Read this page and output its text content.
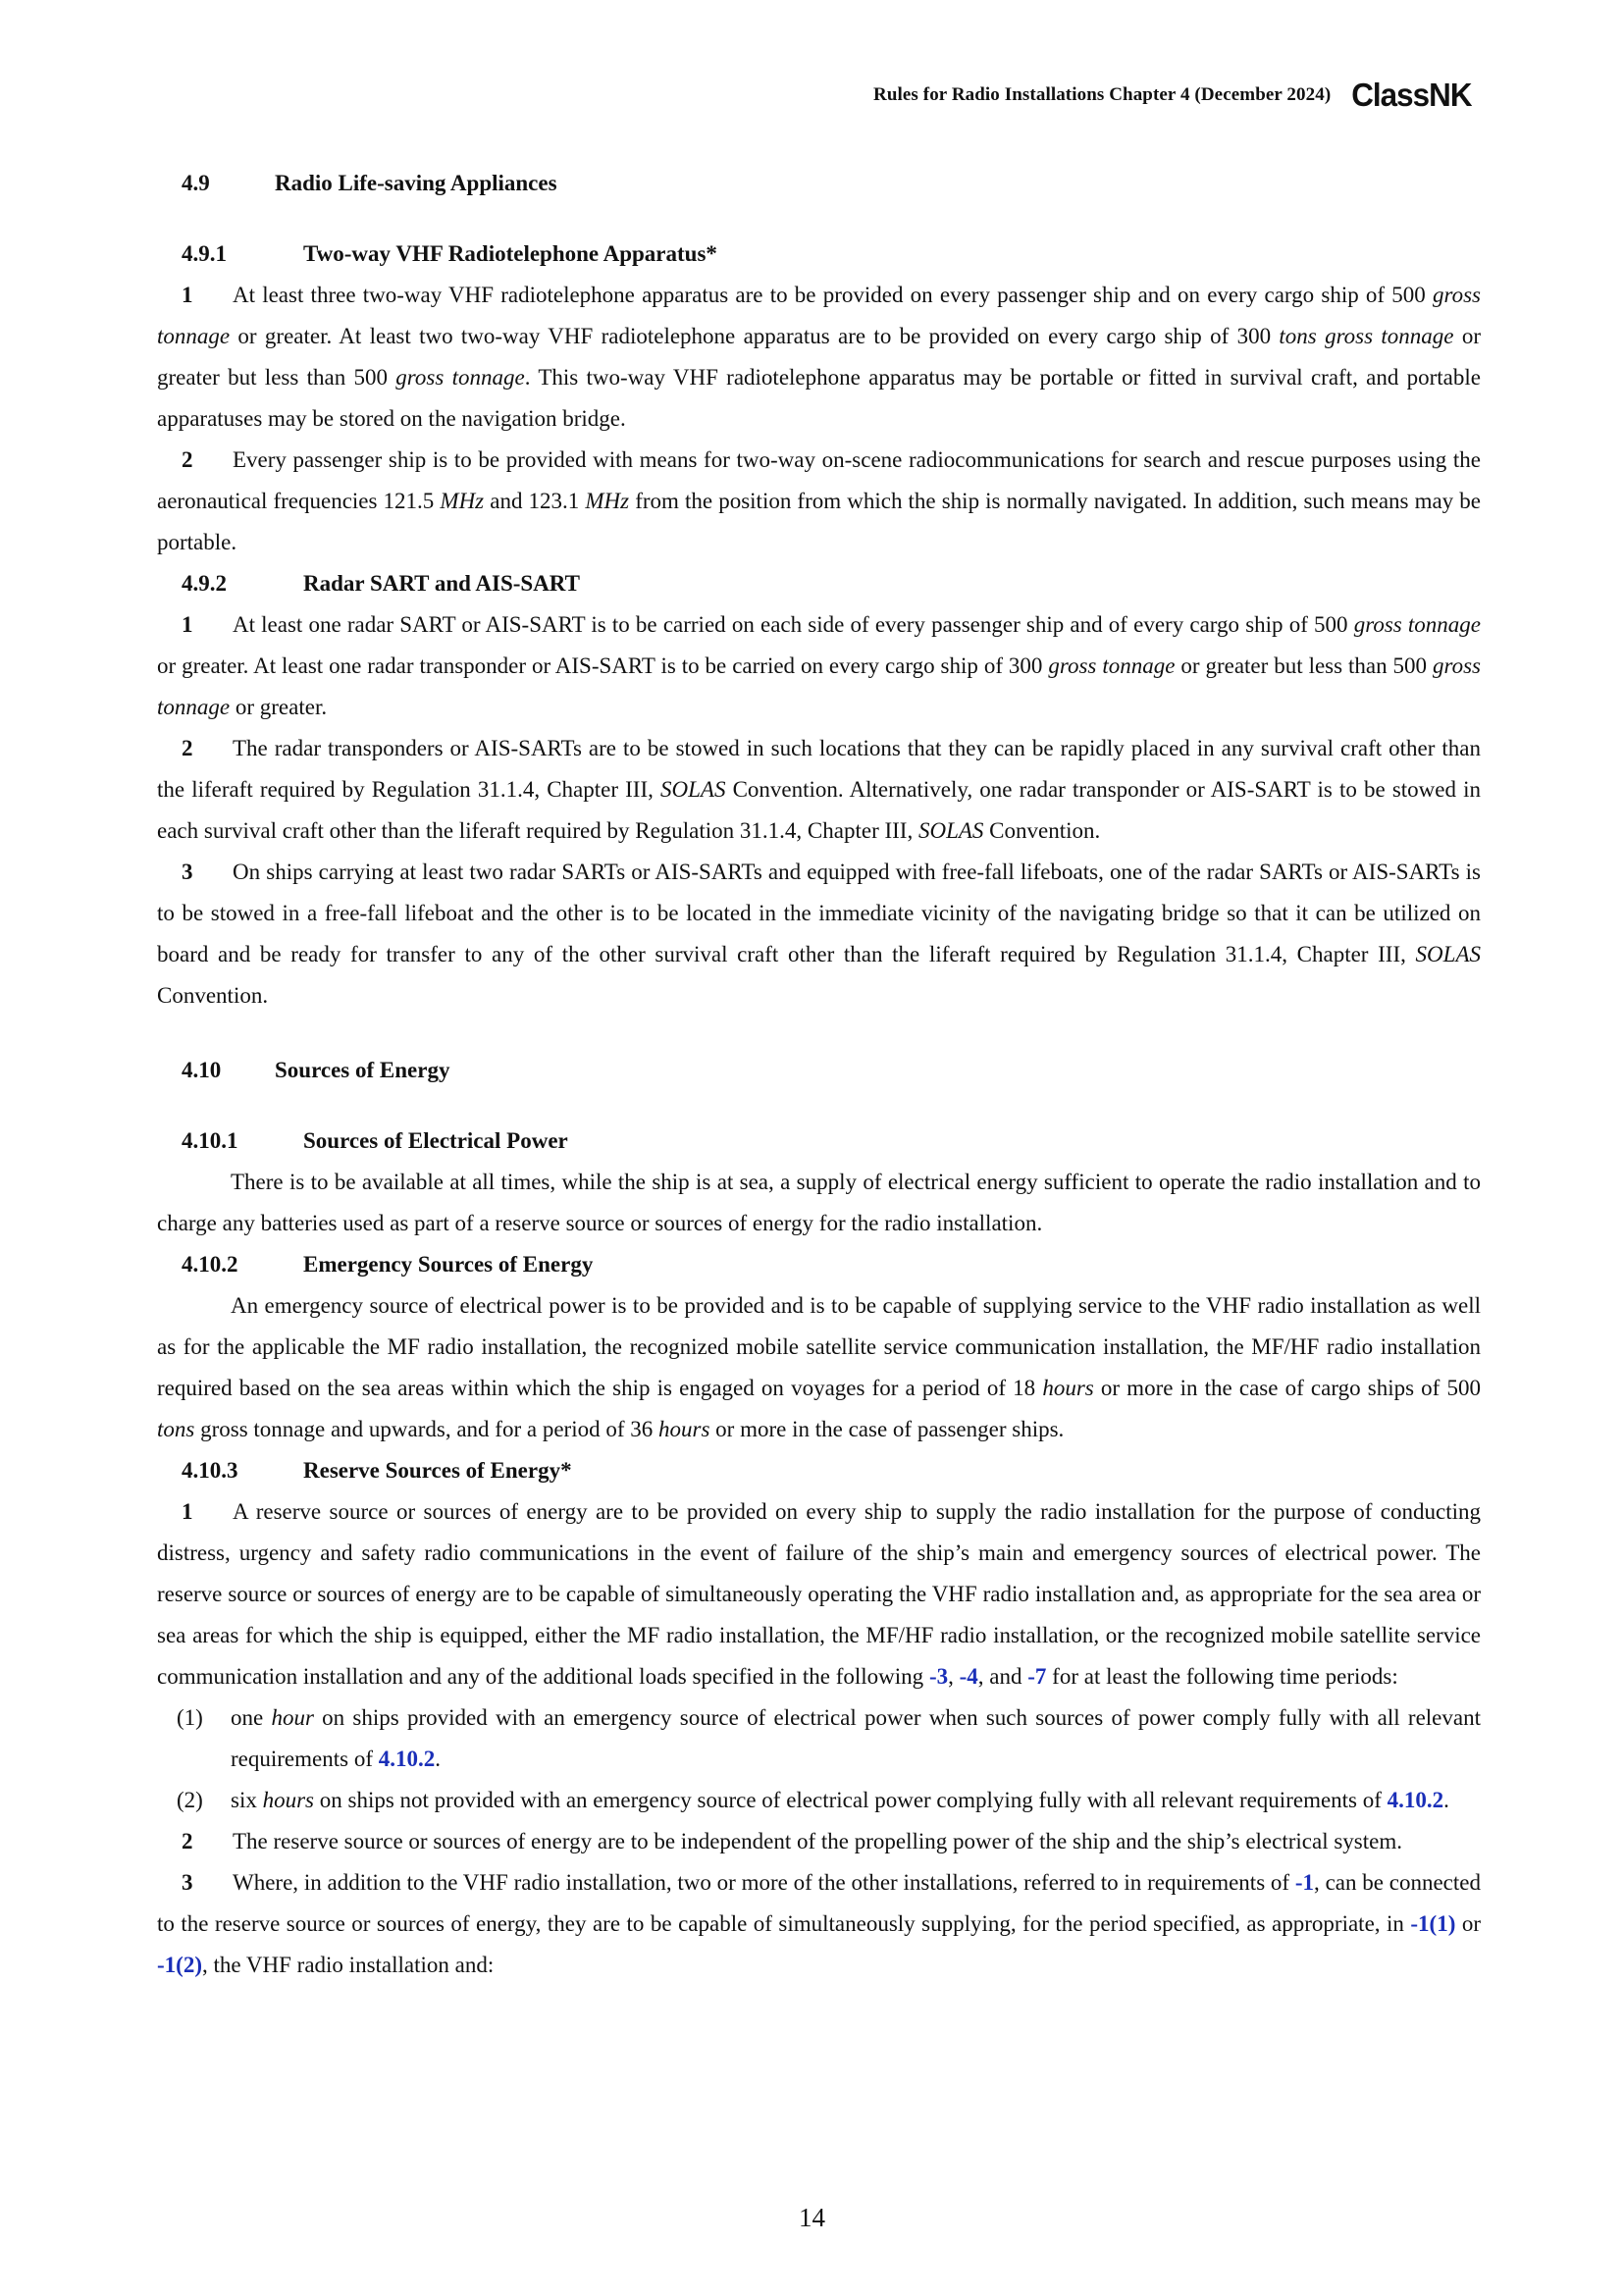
Rules for Radio Installations Chapter 4 (December 2024) ClassNK
4.9	Radio Life-saving Appliances
4.9.1	Two-way VHF Radiotelephone Apparatus*
1 At least three two-way VHF radiotelephone apparatus are to be provided on every passenger ship and on every cargo ship of 500 gross tonnage or greater. At least two two-way VHF radiotelephone apparatus are to be provided on every cargo ship of 300 tons gross tonnage or greater but less than 500 gross tonnage. This two-way VHF radiotelephone apparatus may be portable or fitted in survival craft, and portable apparatuses may be stored on the navigation bridge.
2 Every passenger ship is to be provided with means for two-way on-scene radiocommunications for search and rescue purposes using the aeronautical frequencies 121.5 MHz and 123.1 MHz from the position from which the ship is normally navigated. In addition, such means may be portable.
4.9.2	Radar SART and AIS-SART
1 At least one radar SART or AIS-SART is to be carried on each side of every passenger ship and of every cargo ship of 500 gross tonnage or greater. At least one radar transponder or AIS-SART is to be carried on every cargo ship of 300 gross tonnage or greater but less than 500 gross tonnage or greater.
2 The radar transponders or AIS-SARTs are to be stowed in such locations that they can be rapidly placed in any survival craft other than the liferaft required by Regulation 31.1.4, Chapter III, SOLAS Convention. Alternatively, one radar transponder or AIS-SART is to be stowed in each survival craft other than the liferaft required by Regulation 31.1.4, Chapter III, SOLAS Convention.
3 On ships carrying at least two radar SARTs or AIS-SARTs and equipped with free-fall lifeboats, one of the radar SARTs or AIS-SARTs is to be stowed in a free-fall lifeboat and the other is to be located in the immediate vicinity of the navigating bridge so that it can be utilized on board and be ready for transfer to any of the other survival craft other than the liferaft required by Regulation 31.1.4, Chapter III, SOLAS Convention.
4.10	Sources of Energy
4.10.1	Sources of Electrical Power
There is to be available at all times, while the ship is at sea, a supply of electrical energy sufficient to operate the radio installation and to charge any batteries used as part of a reserve source or sources of energy for the radio installation.
4.10.2	Emergency Sources of Energy
An emergency source of electrical power is to be provided and is to be capable of supplying service to the VHF radio installation as well as for the applicable the MF radio installation, the recognized mobile satellite service communication installation, the MF/HF radio installation required based on the sea areas within which the ship is engaged on voyages for a period of 18 hours or more in the case of cargo ships of 500 tons gross tonnage and upwards, and for a period of 36 hours or more in the case of passenger ships.
4.10.3	Reserve Sources of Energy*
1 A reserve source or sources of energy are to be provided on every ship to supply the radio installation for the purpose of conducting distress, urgency and safety radio communications in the event of failure of the ship’s main and emergency sources of electrical power. The reserve source or sources of energy are to be capable of simultaneously operating the VHF radio installation and, as appropriate for the sea area or sea areas for which the ship is equipped, either the MF radio installation, the MF/HF radio installation, or the recognized mobile satellite service communication installation and any of the additional loads specified in the following -3, -4, and -7 for at least the following time periods:
(1)	one hour on ships provided with an emergency source of electrical power when such sources of power comply fully with all relevant requirements of 4.10.2.
(2)	six hours on ships not provided with an emergency source of electrical power complying fully with all relevant requirements of 4.10.2.
2 The reserve source or sources of energy are to be independent of the propelling power of the ship and the ship’s electrical system.
3 Where, in addition to the VHF radio installation, two or more of the other installations, referred to in requirements of -1, can be connected to the reserve source or sources of energy, they are to be capable of simultaneously supplying, for the period specified, as appropriate, in -1(1) or -1(2), the VHF radio installation and:
14
